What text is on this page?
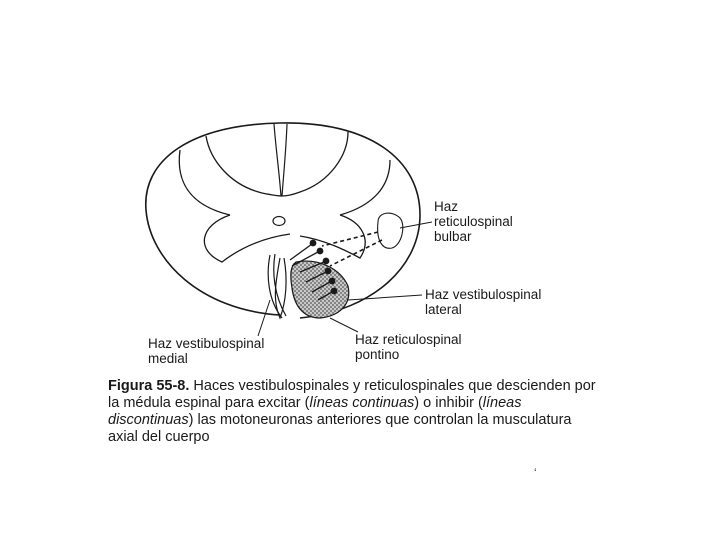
Haz
reticulospinal
bulbar
Haz vestibulospinal
lateral
Haz reticulospinal
pontino
Haz vestibulospinal
medial
Figura 55-8. Haces vestibulospinales y reticulospinales que descienden por la médula espinal para excitar (líneas continuas) o inhibir (líneas discontinuas) las motoneuronas anteriores que controlan la musculatura axial del cuerpo
ʻ
